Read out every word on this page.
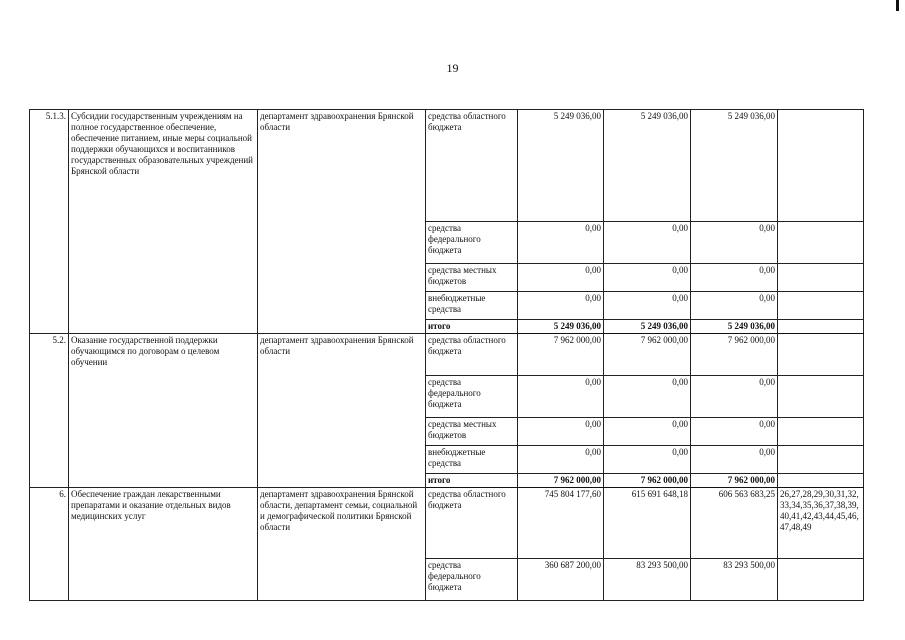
19
5.1.3.	Субсидии государственным учреждениям на полное государственное обеспечение, обеспечение питанием, иные меры социальной поддержки обучающихся и воспитанников государственных образовательных учреждений Брянской области	департамент здравоохранения Брянской области	средства областного бюджета	5 249 036,00	5 249 036,00	5 249 036,00	
			средства федерального бюджета	0,00	0,00	0,00	
			средства местных бюджетов	0,00	0,00	0,00	
			внебюджетные средства	0,00	0,00	0,00	
			итого	5 249 036,00	5 249 036,00	5 249 036,00	
5.2.	Оказание государственной поддержки обучающимся по договорам о целевом обучении	департамент здравоохранения Брянской области	средства областного бюджета	7 962 000,00	7 962 000,00	7 962 000,00	
			средства федерального бюджета	0,00	0,00	0,00	
			средства местных бюджетов	0,00	0,00	0,00	
			внебюджетные средства	0,00	0,00	0,00	
			итого	7 962 000,00	7 962 000,00	7 962 000,00	
6.	Обеспечение граждан лекарственными препаратами и оказание отдельных видов медицинских услуг	департамент здравоохранения Брянской области, департамент семьи, социальной и демографической политики Брянской области	средства областного бюджета	745 804 177,60	615 691 648,18	606 563 683,25	26,27,28,29,30,31,32,33,34,35,36,37,38,39,40,41,42,43,44,45,46,47,48,49
			средства федерального бюджета	360 687 200,00	83 293 500,00	83 293 500,00	
